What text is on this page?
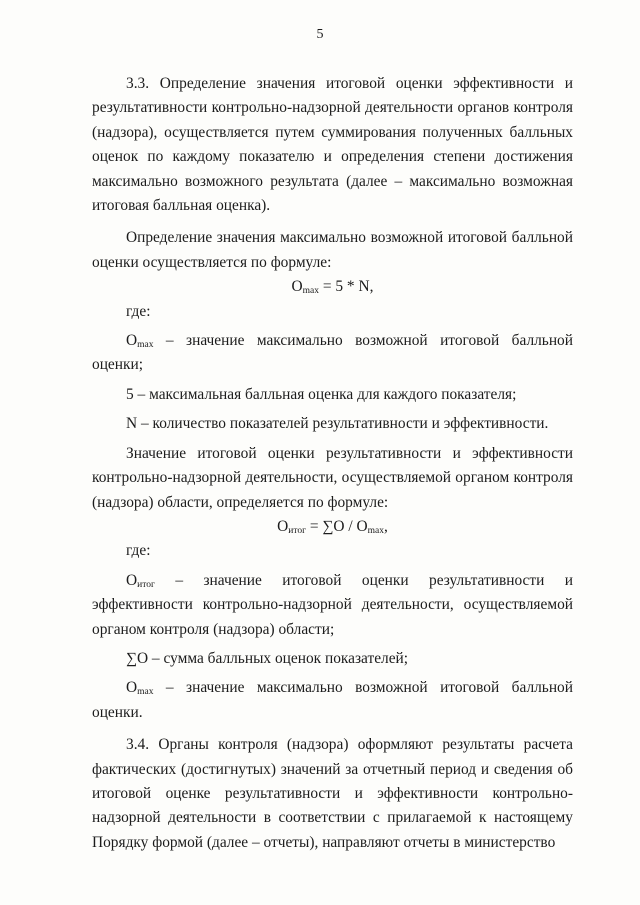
5

3.3. Определение значения итоговой оценки эффективности и результативности контрольно-надзорной деятельности органов контроля (надзора), осуществляется путем суммирования полученных балльных оценок по каждому показателю и определения степени достижения максимально возможного результата (далее – максимально возможная итоговая балльная оценка).

Определение значения максимально возможной итоговой балльной оценки осуществляется по формуле:

$O_{max} = 5 * N$,

где:

$O_{max}$ – значение максимально возможной итоговой балльной оценки;

5 – максимальная балльная оценка для каждого показателя;

N – количество показателей результативности и эффективности.

Значение итоговой оценки результативности и эффективности контрольно-надзорной деятельности, осуществляемой органом контроля (надзора) области, определяется по формуле:

$O_{итог} = \sum O / O_{max}$,

где:

$O_{итог}$ – значение итоговой оценки результативности и эффективности контрольно-надзорной деятельности, осуществляемой органом контроля (надзора) области;

∑O – сумма балльных оценок показателей;

$O_{max}$ – значение максимально возможной итоговой балльной оценки.

3.4. Органы контроля (надзора) оформляют результаты расчета фактических (достигнутых) значений за отчетный период и сведения об итоговой оценке результативности и эффективности контрольно-надзорной деятельности в соответствии с прилагаемой к настоящему Порядку формой (далее – отчеты), направляют отчеты в министерство
